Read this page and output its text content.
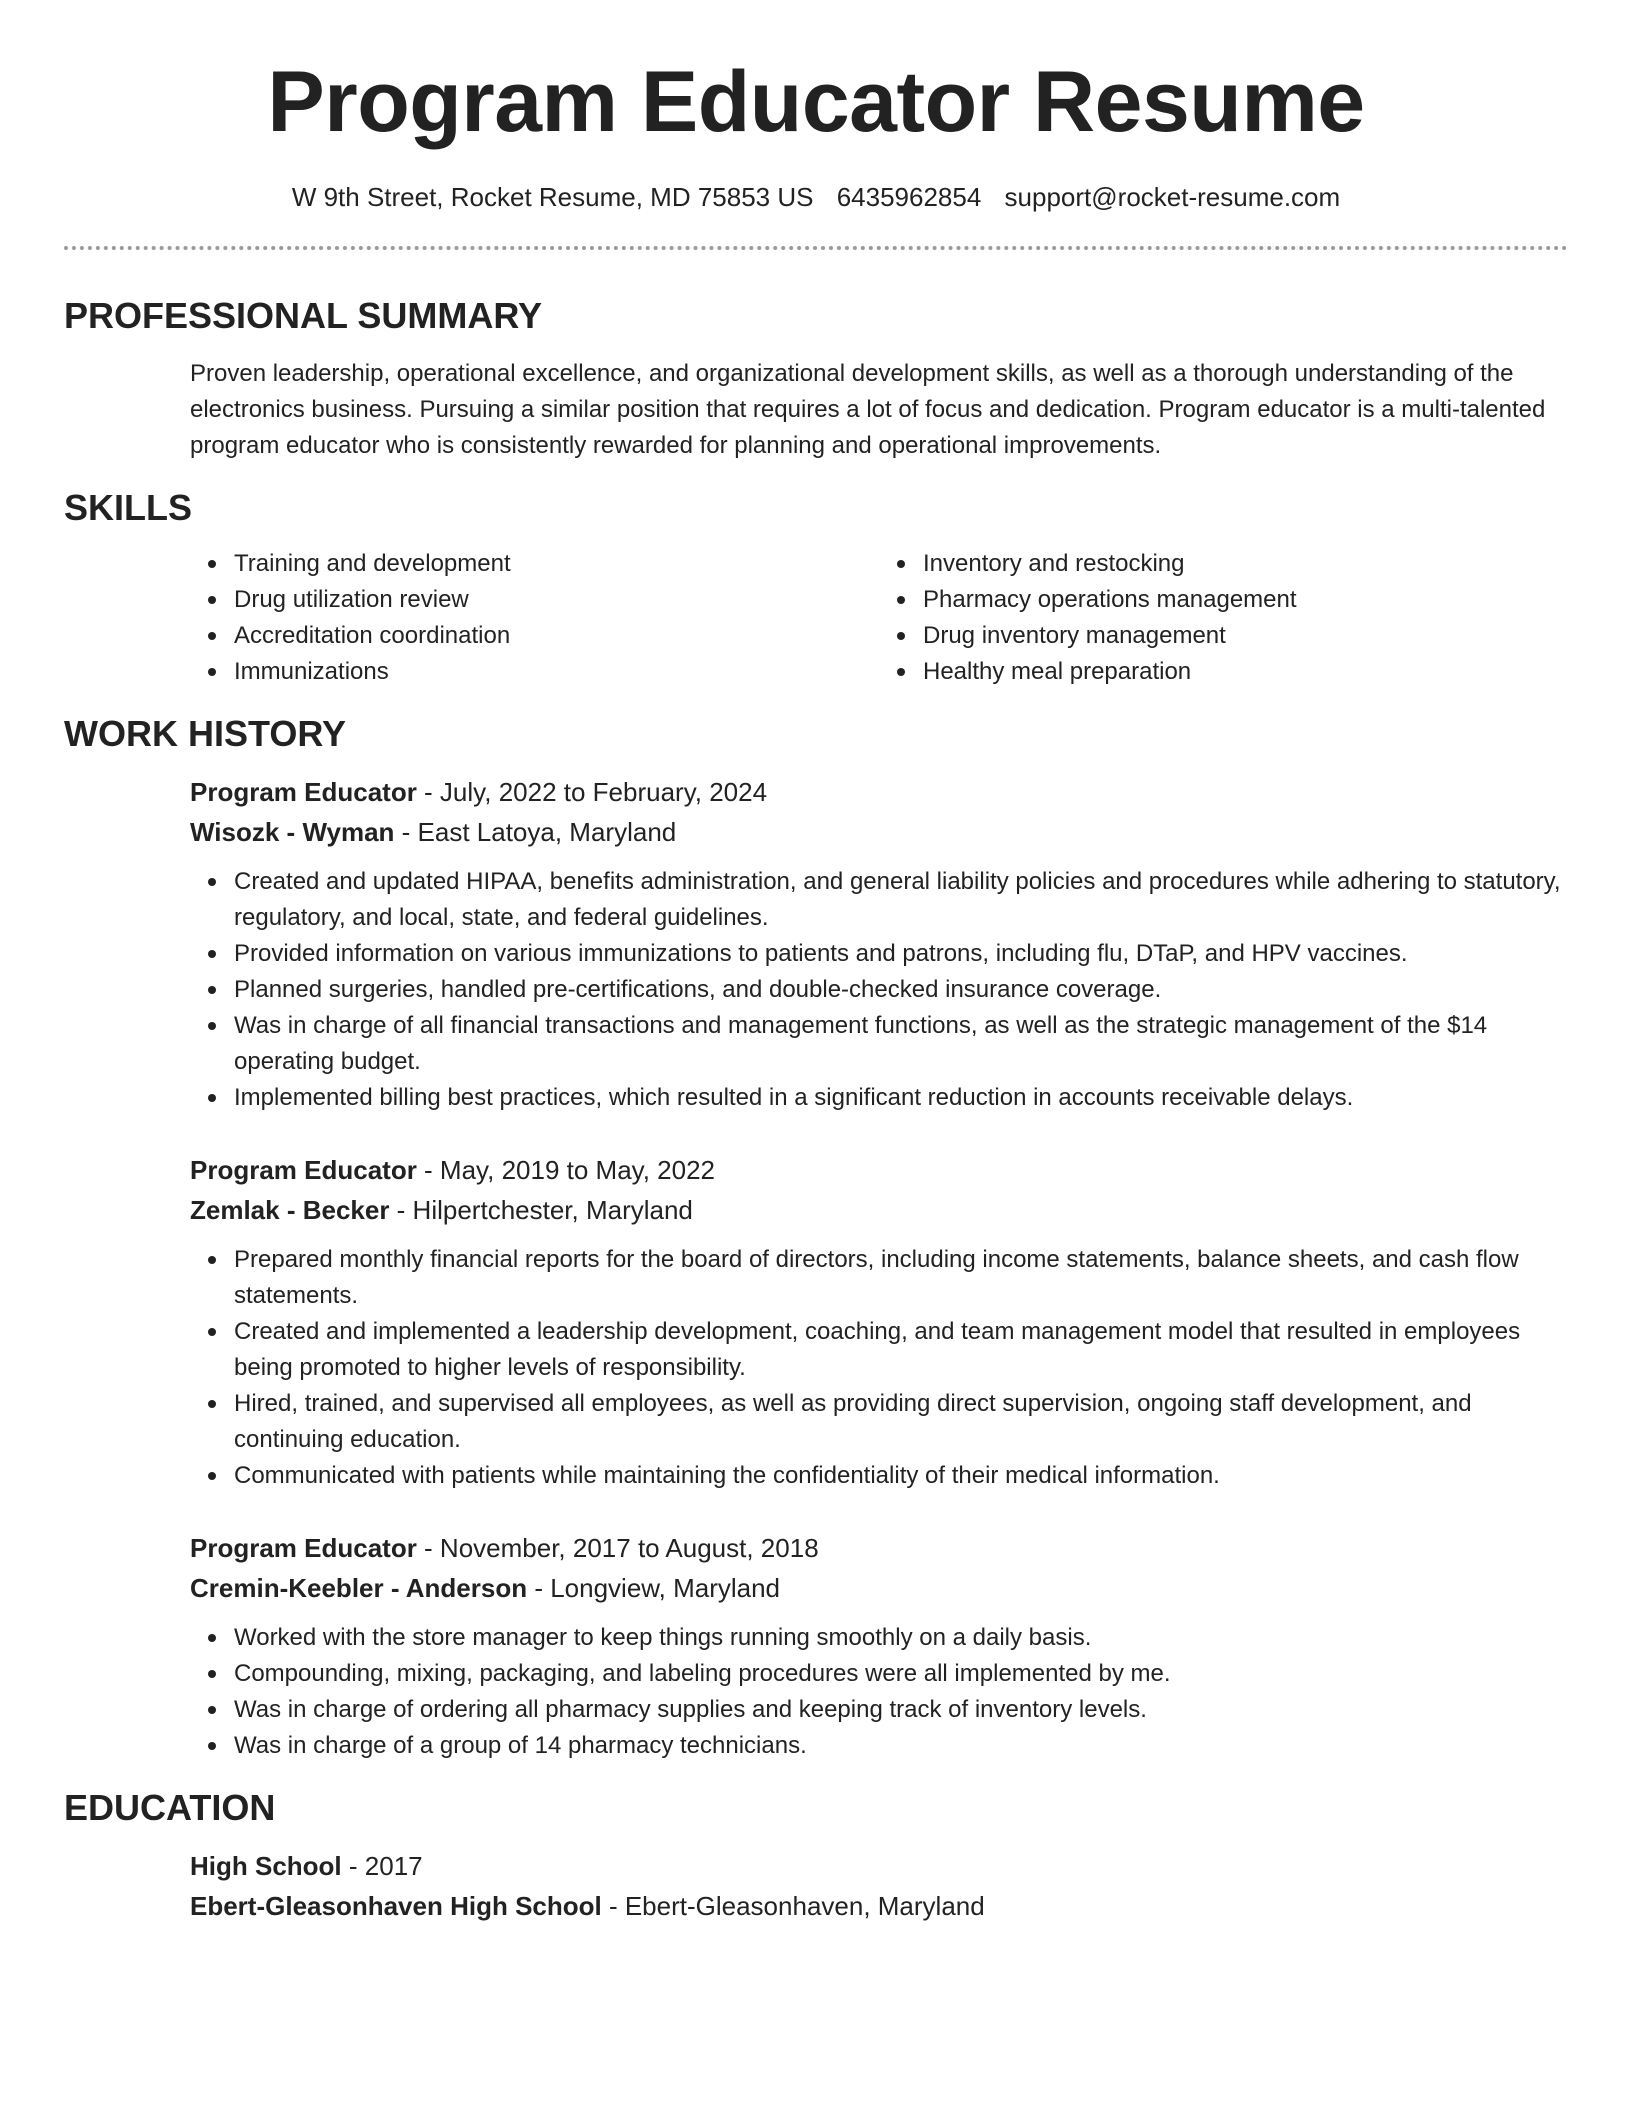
Program Educator Resume
W 9th Street, Rocket Resume, MD 75853 US 6435962854 support@rocket-resume.com
PROFESSIONAL SUMMARY
Proven leadership, operational excellence, and organizational development skills, as well as a thorough understanding of the electronics business. Pursuing a similar position that requires a lot of focus and dedication. Program educator is a multi-talented program educator who is consistently rewarded for planning and operational improvements.
SKILLS
Training and development
Drug utilization review
Accreditation coordination
Immunizations
Inventory and restocking
Pharmacy operations management
Drug inventory management
Healthy meal preparation
WORK HISTORY
Program Educator - July, 2022 to February, 2024
Wisozk - Wyman - East Latoya, Maryland
Created and updated HIPAA, benefits administration, and general liability policies and procedures while adhering to statutory, regulatory, and local, state, and federal guidelines.
Provided information on various immunizations to patients and patrons, including flu, DTaP, and HPV vaccines.
Planned surgeries, handled pre-certifications, and double-checked insurance coverage.
Was in charge of all financial transactions and management functions, as well as the strategic management of the $14 operating budget.
Implemented billing best practices, which resulted in a significant reduction in accounts receivable delays.
Program Educator - May, 2019 to May, 2022
Zemlak - Becker - Hilpertchester, Maryland
Prepared monthly financial reports for the board of directors, including income statements, balance sheets, and cash flow statements.
Created and implemented a leadership development, coaching, and team management model that resulted in employees being promoted to higher levels of responsibility.
Hired, trained, and supervised all employees, as well as providing direct supervision, ongoing staff development, and continuing education.
Communicated with patients while maintaining the confidentiality of their medical information.
Program Educator - November, 2017 to August, 2018
Cremin-Keebler - Anderson - Longview, Maryland
Worked with the store manager to keep things running smoothly on a daily basis.
Compounding, mixing, packaging, and labeling procedures were all implemented by me.
Was in charge of ordering all pharmacy supplies and keeping track of inventory levels.
Was in charge of a group of 14 pharmacy technicians.
EDUCATION
High School - 2017
Ebert-Gleasonhaven High School - Ebert-Gleasonhaven, Maryland
